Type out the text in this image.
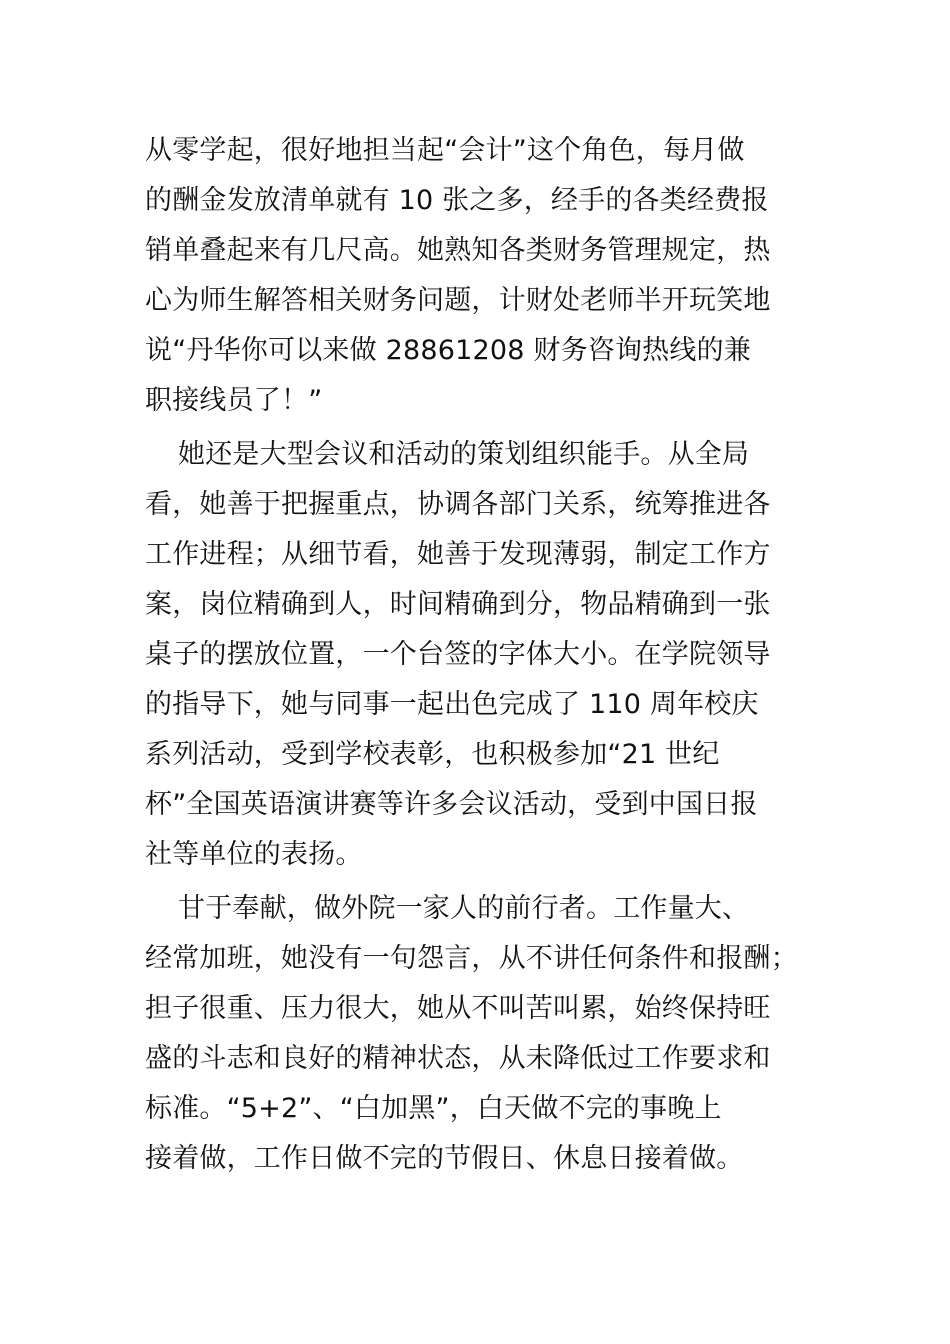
从零学起，很好地担当起“会计”这个角色，每月做
的酬金发放清单就有 10 张之多，经手的各类经费报
销单叠起来有几尺高。她熟知各类财务管理规定，热
心为师生解答相关财务问题，计财处老师半开玩笑地
说“丹华你可以来做 28861208 财务咨询热线的兼
职接线员了！”
她还是大型会议和活动的策划组织能手。从全局
看，她善于把握重点，协调各部门关系，统筹推进各
工作进程；从细节看，她善于发现薄弱，制定工作方
案，岗位精确到人，时间精确到分，物品精确到一张
桌子的摆放位置，一个台签的字体大小。在学院领导
的指导下，她与同事一起出色完成了 110 周年校庆
系列活动，受到学校表彰，也积极参加“21 世纪
杯”全国英语演讲赛等许多会议活动，受到中国日报
社等单位的表扬。
甘于奉献，做外院一家人的前行者。工作量大、
经常加班，她没有一句怨言，从不讲任何条件和报酬；
担子很重、压力很大，她从不叫苦叫累，始终保持旺
盛的斗志和良好的精神状态，从未降低过工作要求和
标准。“5+2”、“白加黑”，白天做不完的事晚上
接着做，工作日做不完的节假日、休息日接着做。
